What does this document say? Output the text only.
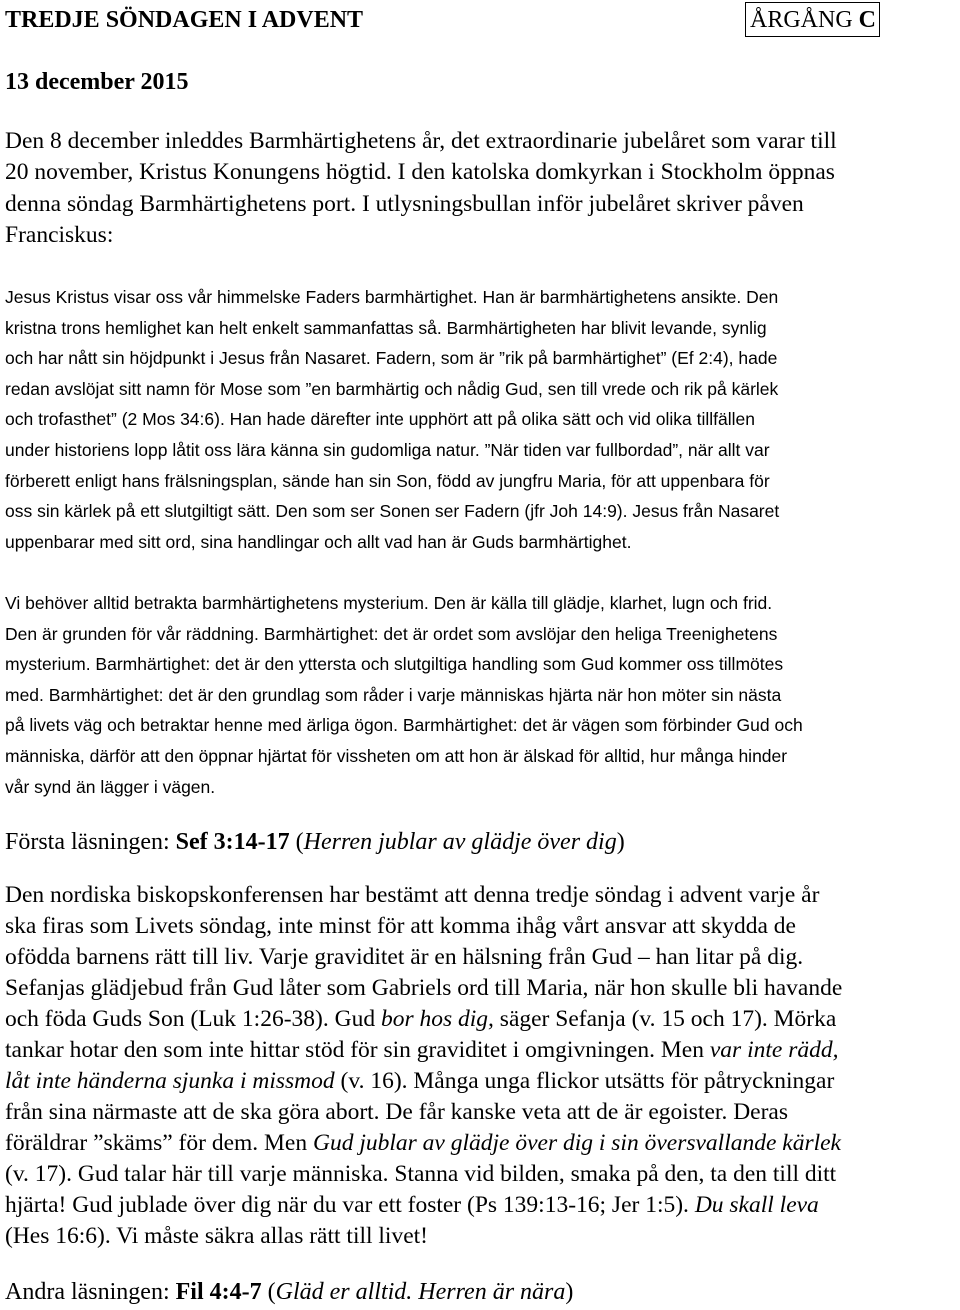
TREDJE SÖNDAGEN I ADVENT	ÅRGÅNG C
13 december 2015
Den 8 december inleddes Barmhärtighetens år, det extraordinarie jubelåret som varar till
20 november, Kristus Konungens högtid. I den katolska domkyrkan i Stockholm öppnas
denna söndag Barmhärtighetens port. I utlysningsbullan inför jubelåret skriver påven
Franciskus:
Jesus Kristus visar oss vår himmelske Faders barmhärtighet. Han är barmhärtighetens ansikte. Den
kristna trons hemlighet kan helt enkelt sammanfattas så. Barmhärtigheten har blivit levande, synlig
och har nått sin höjdpunkt i Jesus från Nasaret. Fadern, som är ”rik på barmhärtighet” (Ef 2:4), hade
redan avslöjat sitt namn för Mose som ”en barmhärtig och nådig Gud, sen till vrede och rik på kärlek
och trofasthet” (2 Mos 34:6). Han hade därefter inte upphört att på olika sätt och vid olika tillfällen
under historiens lopp låtit oss lära känna sin gudomliga natur. ”När tiden var fullbordad”, när allt var
förberett enligt hans frälsningsplan, sände han sin Son, född av jungfru Maria, för att uppenbara för
oss sin kärlek på ett slutgiltigt sätt. Den som ser Sonen ser Fadern (jfr Joh 14:9). Jesus från Nasaret
uppenbarar med sitt ord, sina handlingar och allt vad han är Guds barmhärtighet.
Vi behöver alltid betrakta barmhärtighetens mysterium. Den är källa till glädje, klarhet, lugn och frid.
Den är grunden för vår räddning. Barmhärtighet: det är ordet som avslöjar den heliga Treenighetens
mysterium. Barmhärtighet: det är den yttersta och slutgiltiga handling som Gud kommer oss tillmötes
med. Barmhärtighet: det är den grundlag som råder i varje människas hjärta när hon möter sin nästa
på livets väg och betraktar henne med ärliga ögon. Barmhärtighet: det är vägen som förbinder Gud och
människa, därför att den öppnar hjärtat för vissheten om att hon är älskad för alltid, hur många hinder
vår synd än lägger i vägen.
Första läsningen: Sef 3:14-17 (Herren jublar av glädje över dig)
Den nordiska biskopskonferensen har bestämt att denna tredje söndag i advent varje år
ska firas som Livets söndag, inte minst för att komma ihåg vårt ansvar att skydda de
ofödda barnens rätt till liv. Varje graviditet är en hälsning från Gud – han litar på dig.
Sefanjas glädjebud från Gud låter som Gabriels ord till Maria, när hon skulle bli havande
och föda Guds Son (Luk 1:26-38). Gud bor hos dig, säger Sefanja (v. 15 och 17). Mörka
tankar hotar den som inte hittar stöd för sin graviditet i omgivningen. Men var inte rädd,
låt inte händerna sjunka i missmod (v. 16). Många unga flickor utsätts för påtryckningar
från sina närmaste att de ska göra abort. De får kanske veta att de är egoister. Deras
föräldrar ”skäms” för dem. Men Gud jublar av glädje över dig i sin översvallande kärlek
(v. 17). Gud talar här till varje människa. Stanna vid bilden, smaka på den, ta den till ditt
hjärta! Gud jublade över dig när du var ett foster (Ps 139:13-16; Jer 1:5). Du skall leva
(Hes 16:6). Vi måste säkra allas rätt till livet!
Andra läsningen: Fil 4:4-7 (Gläd er alltid. Herren är nära)
